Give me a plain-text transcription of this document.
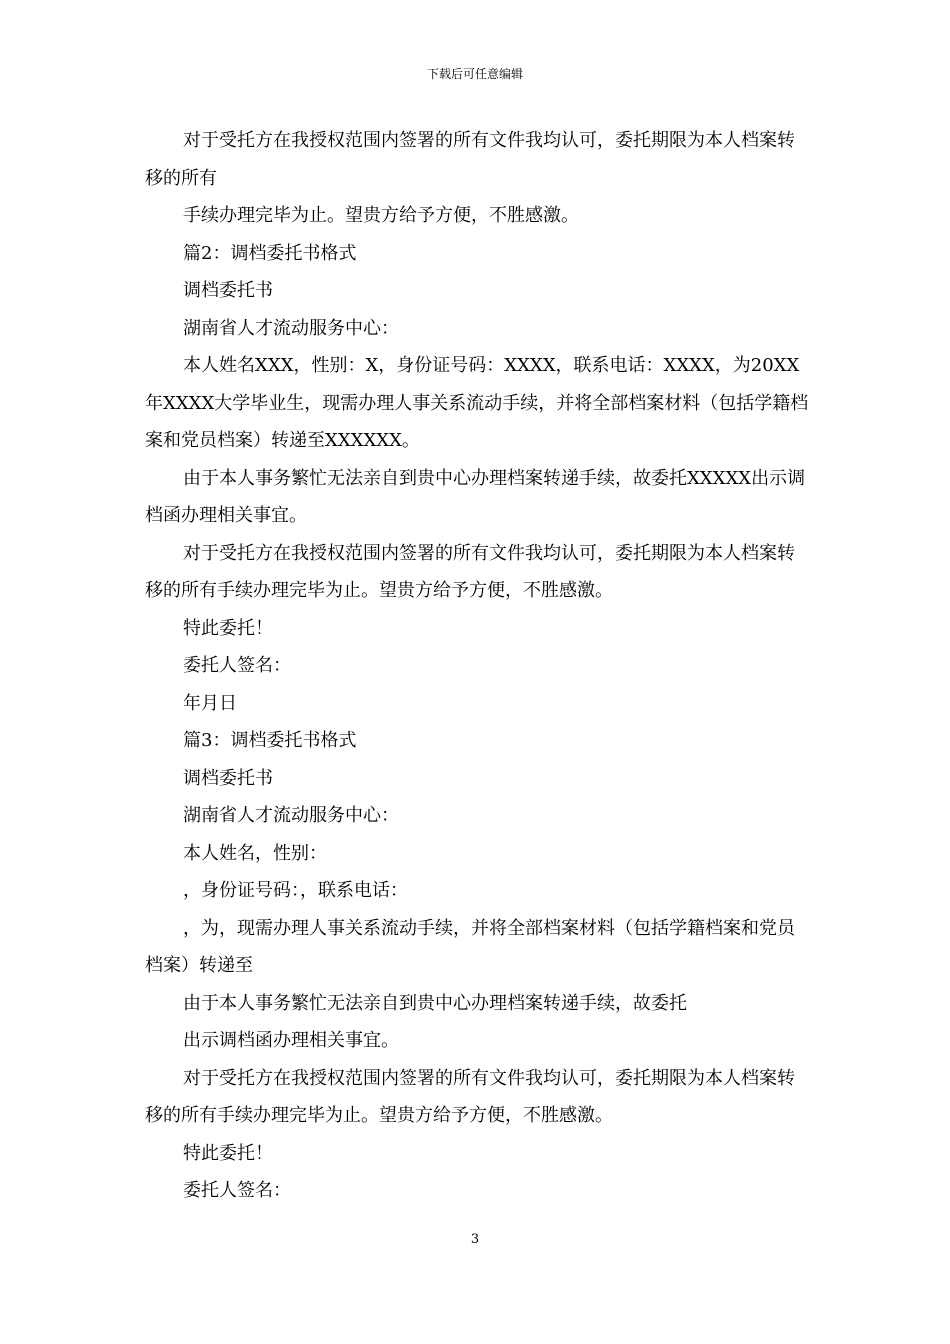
下载后可任意编辑

对于受托方在我授权范围内签署的所有文件我均认可，委托期限为本人档案转移的所有

手续办理完毕为止。望贵方给予方便，不胜感激。

篇2：调档委托书格式

调档委托书

湖南省人才流动服务中心：

本人姓名XXX，性别：X，身份证号码：XXXX，联系电话：XXXX，为20XX年XXXX大学毕业生，现需办理人事关系流动手续，并将全部档案材料（包括学籍档案和党员档案）转递至XXXXXX。

由于本人事务繁忙无法亲自到贵中心办理档案转递手续，故委托XXXXX出示调档函办理相关事宜。

对于受托方在我授权范围内签署的所有文件我均认可，委托期限为本人档案转移的所有手续办理完毕为止。望贵方给予方便，不胜感激。

特此委托！

委托人签名：

年月日

篇3：调档委托书格式

调档委托书

湖南省人才流动服务中心：

本人姓名，性别：

，身份证号码：，联系电话：

，为，现需办理人事关系流动手续，并将全部档案材料（包括学籍档案和党员档案）转递至

由于本人事务繁忙无法亲自到贵中心办理档案转递手续，故委托

出示调档函办理相关事宜。

对于受托方在我授权范围内签署的所有文件我均认可，委托期限为本人档案转移的所有手续办理完毕为止。望贵方给予方便，不胜感激。

特此委托！

委托人签名：

3
